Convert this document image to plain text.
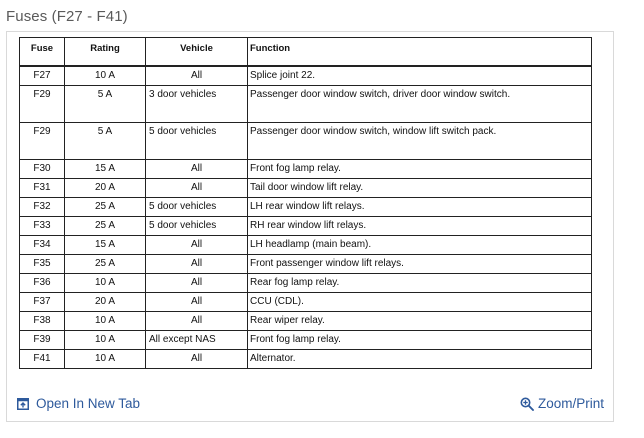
Fuses (F27 - F41)
Fuse	Rating	Vehicle	Function
F27	10 A	All	Splice joint 22.
F29	5 A	3 door vehicles	Passenger door window switch, driver door window switch.
F29	5 A	5 door vehicles	Passenger door window switch, window lift switch pack.
F30	15 A	All	Front fog lamp relay.
F31	20 A	All	Tail door window lift relay.
F32	25 A	5 door vehicles	LH rear window lift relays.
F33	25 A	5 door vehicles	RH rear window lift relays.
F34	15 A	All	LH headlamp (main beam).
F35	25 A	All	Front passenger window lift relays.
F36	10 A	All	Rear fog lamp relay.
F37	20 A	All	CCU (CDL).
F38	10 A	All	Rear wiper relay.
F39	10 A	All except NAS	Front fog lamp relay.
F41	10 A	All	Alternator.
Open In New Tab	Zoom/Print
